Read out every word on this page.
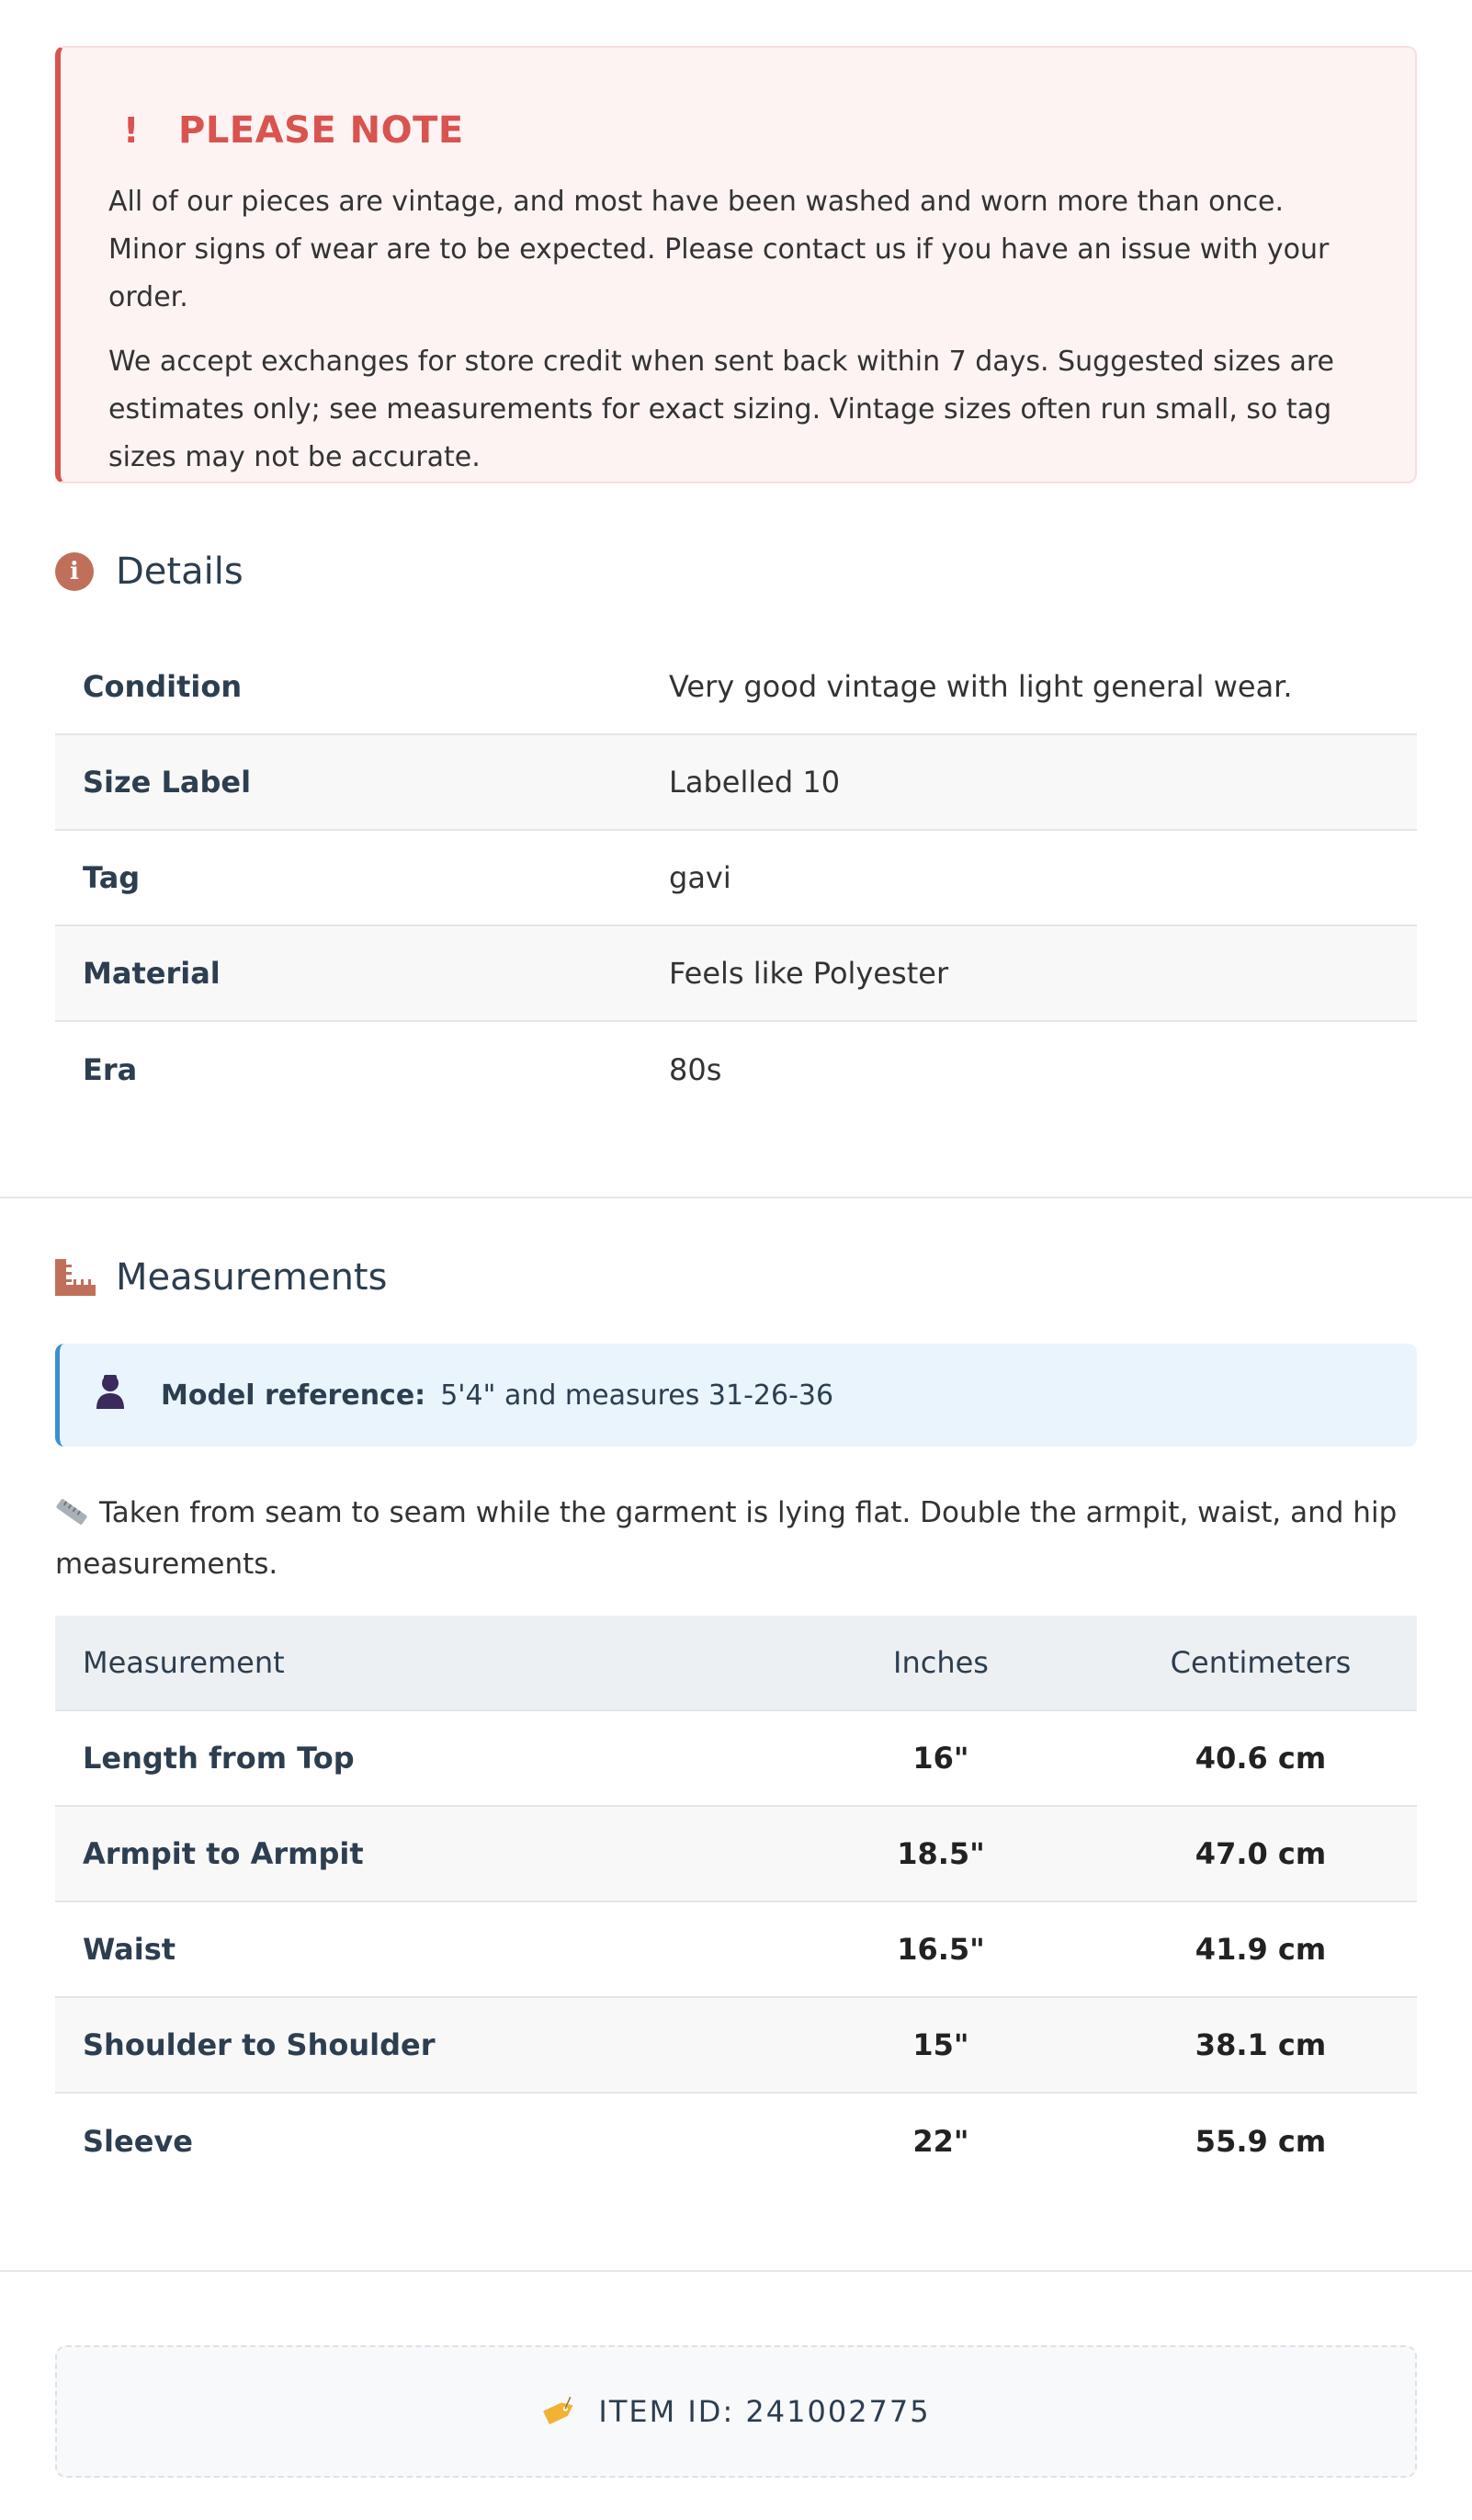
!	PLEASE NOTE

All of our pieces are vintage, and most have been washed and worn more than once. Minor signs of wear are to be expected. Please contact us if you have an issue with your order.

We accept exchanges for store credit when sent back within 7 days. Suggested sizes are estimates only; see measurements for exact sizing. Vintage sizes often run small, so tag sizes may not be accurate.

i	Details
Condition	Very good vintage with light general wear.
Size Label	Labelled 10
Tag	gavi
Material	Feels like Polyester
Era	80s
Measurements
Model reference: 5'4" and measures 31-26-36
Taken from seam to seam while the garment is lying flat. Double the armpit, waist, and hip measurements.
Measurement	Inches	Centimeters
Length from Top	16"	40.6 cm
Armpit to Armpit	18.5"	47.0 cm
Waist	16.5"	41.9 cm
Shoulder to Shoulder	15"	38.1 cm
Sleeve	22"	55.9 cm
ITEM ID: 241002775
